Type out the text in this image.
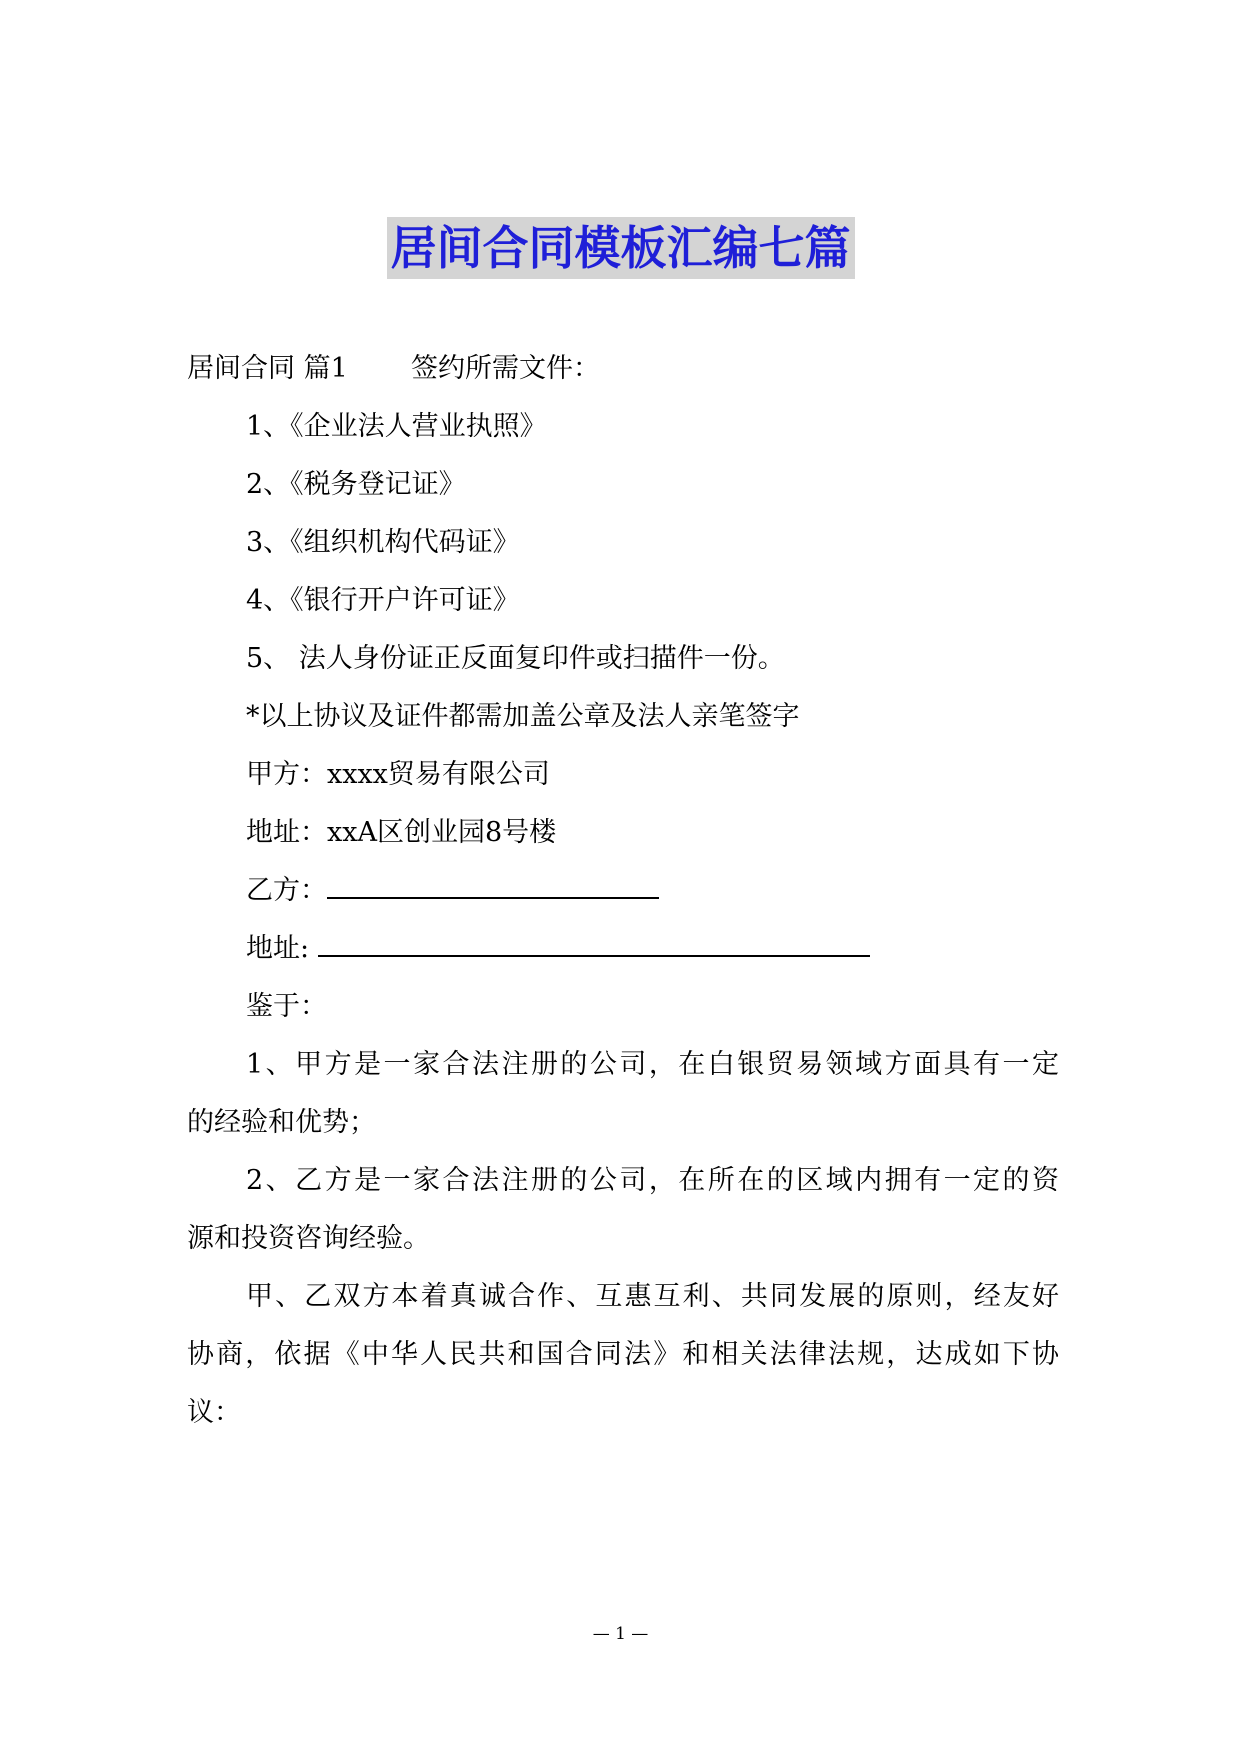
居间合同模板汇编七篇
居间合同 篇1 签约所需文件：
1、《企业法人营业执照》
2、《税务登记证》
3、《组织机构代码证》
4、《银行开户许可证》
5、 法人身份证正反面复印件或扫描件一份。
*以上协议及证件都需加盖公章及法人亲笔签字
甲方：xxxx贸易有限公司
地址：xxA区创业园8号楼
乙方：
地址:
鉴于：
1、甲方是一家合法注册的公司，在白银贸易领域方面具有一定
的经验和优势；
2、乙方是一家合法注册的公司，在所在的区域内拥有一定的资
源和投资咨询经验。
甲、乙双方本着真诚合作、互惠互利、共同发展的原则，经友好
协商，依据《中华人民共和国合同法》和相关法律法规，达成如下协
议：
— 1 —
